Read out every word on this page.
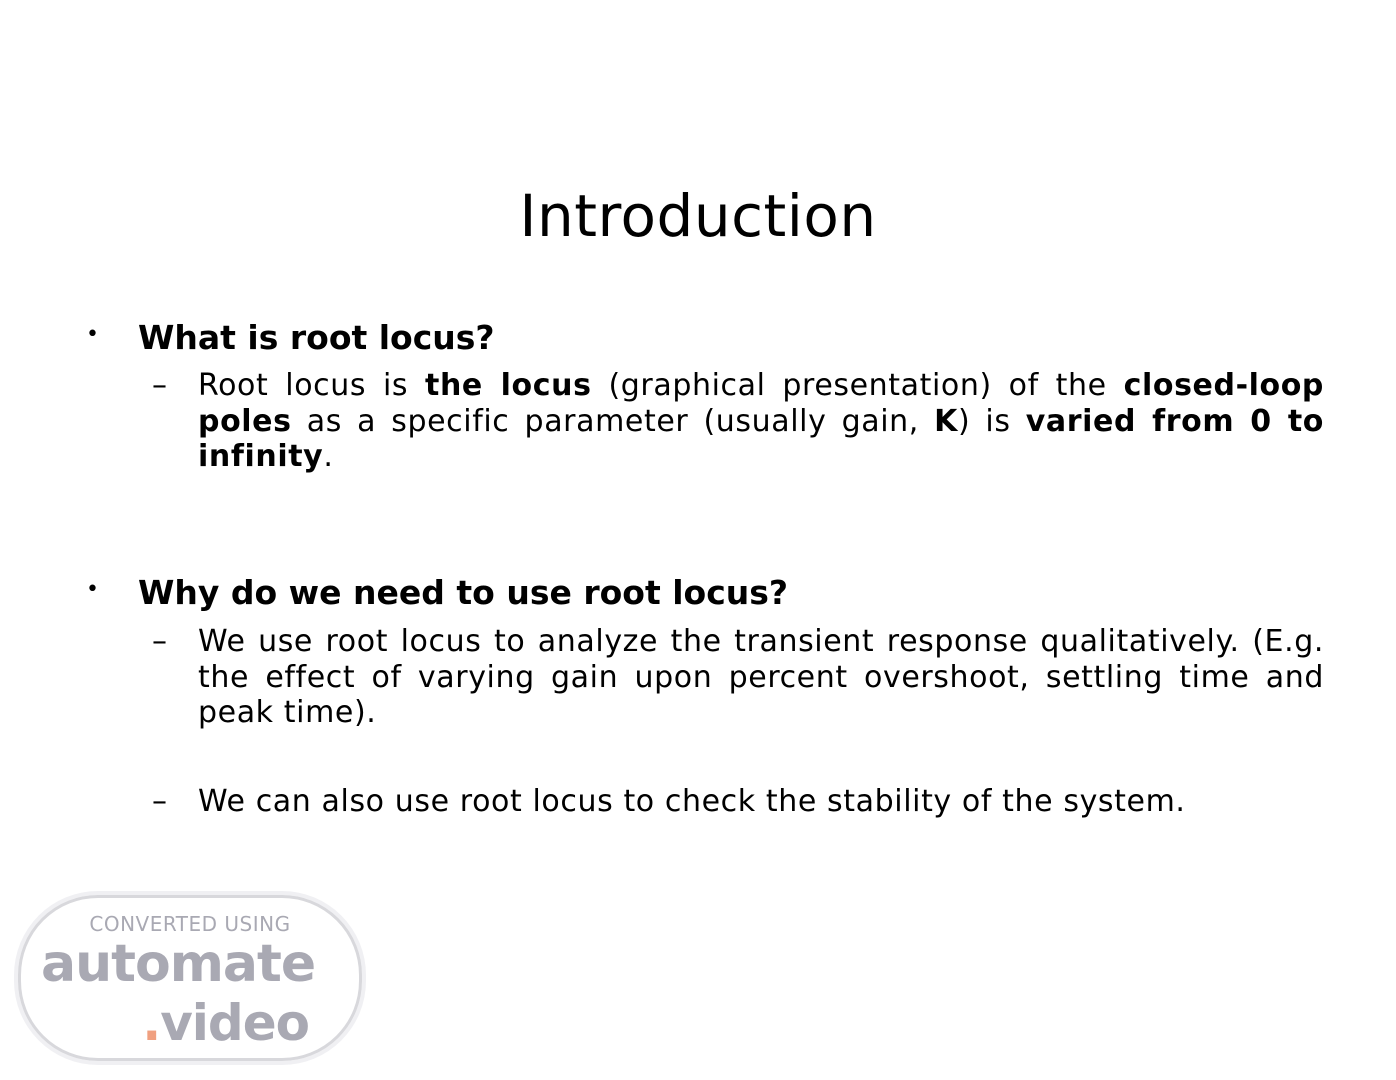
Introduction
• What is root locus?
– Root locus is the locus (graphical presentation) of the closed-loop poles as a specific parameter (usually gain, K) is varied from 0 to infinity.
• Why do we need to use root locus?
– We use root locus to analyze the transient response qualitatively. (E.g. the effect of varying gain upon percent overshoot, settling time and peak time).
– We can also use root locus to check the stability of the system.
CONVERTED USING
automate
.video
